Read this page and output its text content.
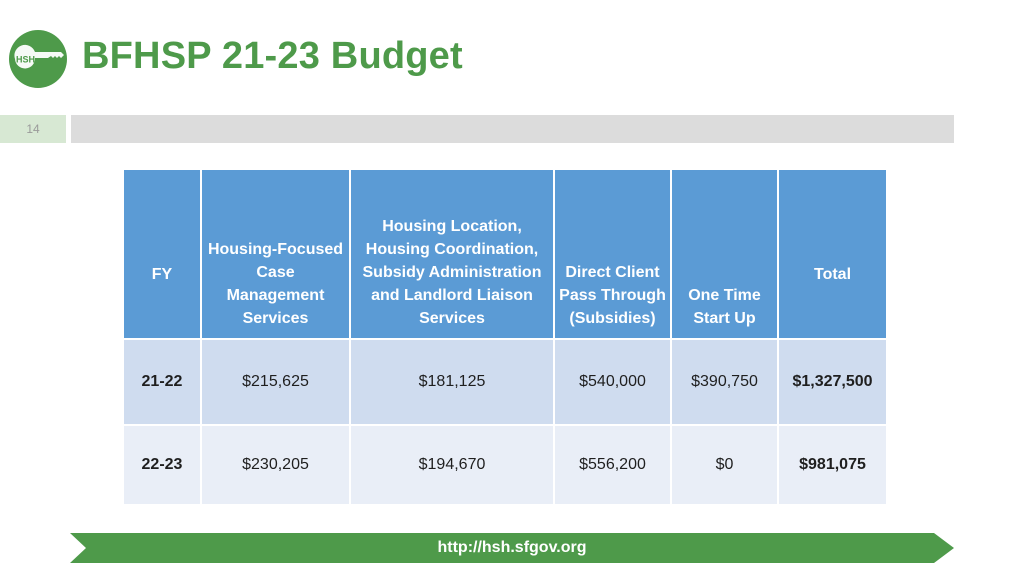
HSH BFHSP 21-23 Budget
14
FY	Housing-Focused Case Management Services	Housing Location, Housing Coordination, Subsidy Administration and Landlord Liaison Services	Direct Client Pass Through (Subsidies)	One Time Start Up	Total
21-22	$215,625	$181,125	$540,000	$390,750	$1,327,500
22-23	$230,205	$194,670	$556,200	$0	$981,075
http://hsh.sfgov.org
